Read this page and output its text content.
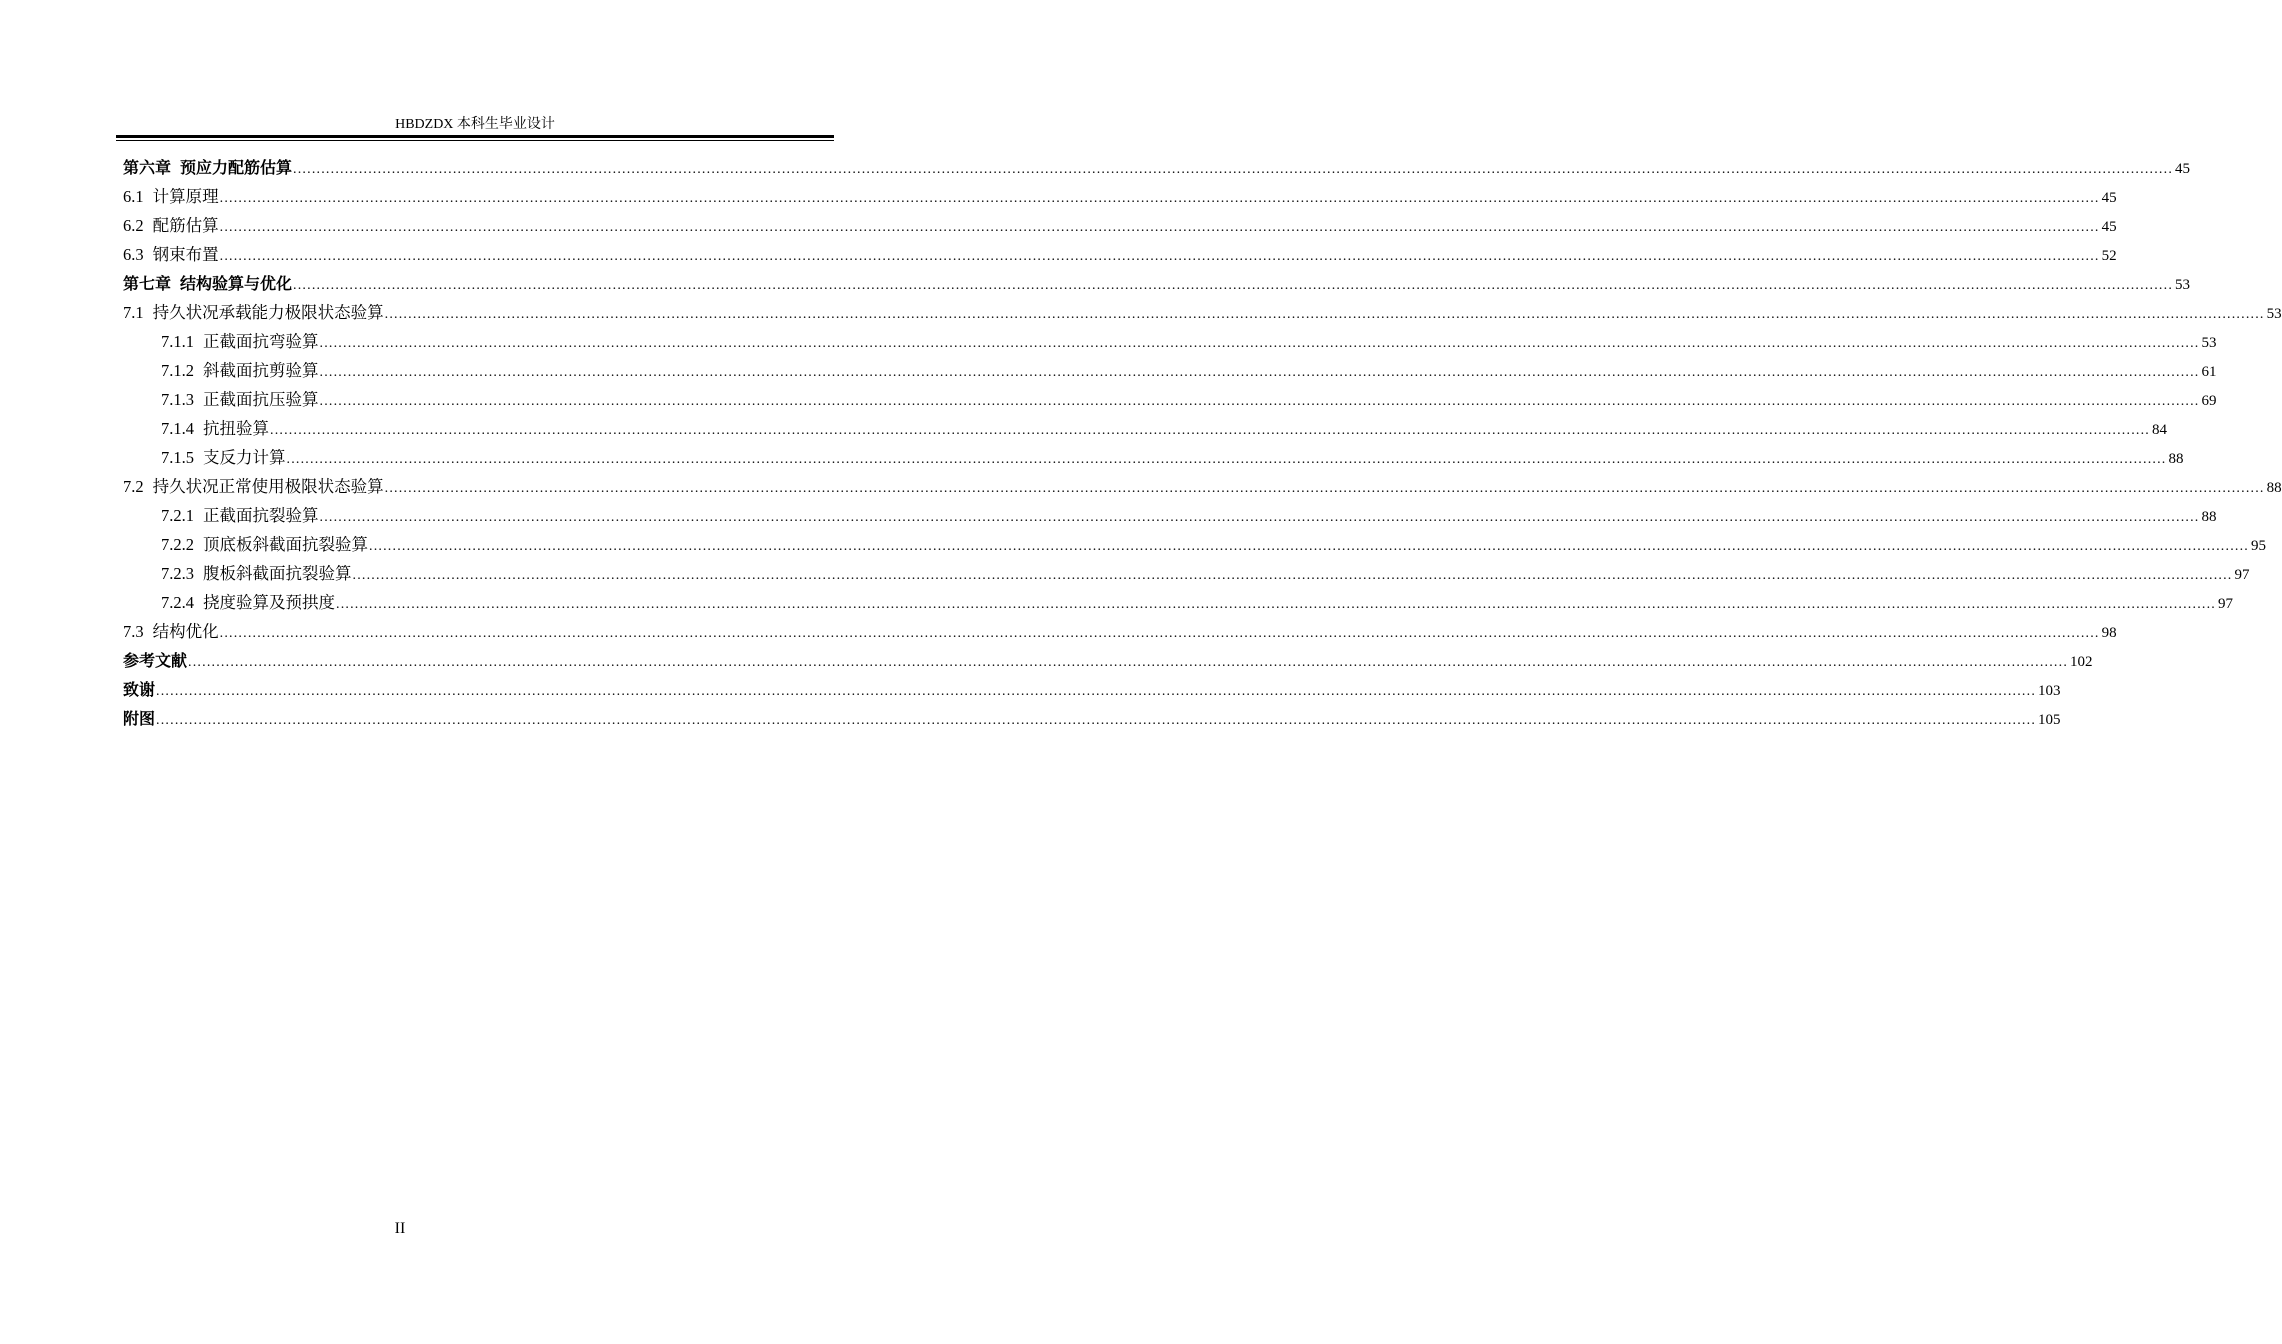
HBDZDX 本科生毕业设计
第六章 预应力配筋估算 ................................................................................................................................................................................................................................................................................................................................................................................................................ 45
6.1 计算原理 ................................................................................................................................................................................................................................................................................................................................................................................................................ 45
6.2 配筋估算 ................................................................................................................................................................................................................................................................................................................................................................................................................ 45
6.3 钢束布置 ................................................................................................................................................................................................................................................................................................................................................................................................................ 52
第七章 结构验算与优化 ................................................................................................................................................................................................................................................................................................................................................................................................................ 53
7.1 持久状况承载能力极限状态验算 ................................................................................................................................................................................................................................................................................................................................................................................................................ 53
7.1.1 正截面抗弯验算 ................................................................................................................................................................................................................................................................................................................................................................................................................ 53
7.1.2 斜截面抗剪验算 ................................................................................................................................................................................................................................................................................................................................................................................................................ 61
7.1.3 正截面抗压验算 ................................................................................................................................................................................................................................................................................................................................................................................................................ 69
7.1.4 抗扭验算 ................................................................................................................................................................................................................................................................................................................................................................................................................ 84
7.1.5 支反力计算 ................................................................................................................................................................................................................................................................................................................................................................................................................ 88
7.2 持久状况正常使用极限状态验算 ................................................................................................................................................................................................................................................................................................................................................................................................................ 88
7.2.1 正截面抗裂验算 ................................................................................................................................................................................................................................................................................................................................................................................................................ 88
7.2.2 顶底板斜截面抗裂验算 ................................................................................................................................................................................................................................................................................................................................................................................................................ 95
7.2.3 腹板斜截面抗裂验算 ................................................................................................................................................................................................................................................................................................................................................................................................................ 97
7.2.4 挠度验算及预拱度 ................................................................................................................................................................................................................................................................................................................................................................................................................ 97
7.3 结构优化 ................................................................................................................................................................................................................................................................................................................................................................................................................ 98
参考文献 ................................................................................................................................................................................................................................................................................................................................................................................................................ 102
致谢 ................................................................................................................................................................................................................................................................................................................................................................................................................ 103
附图 ................................................................................................................................................................................................................................................................................................................................................................................................................ 105
II
